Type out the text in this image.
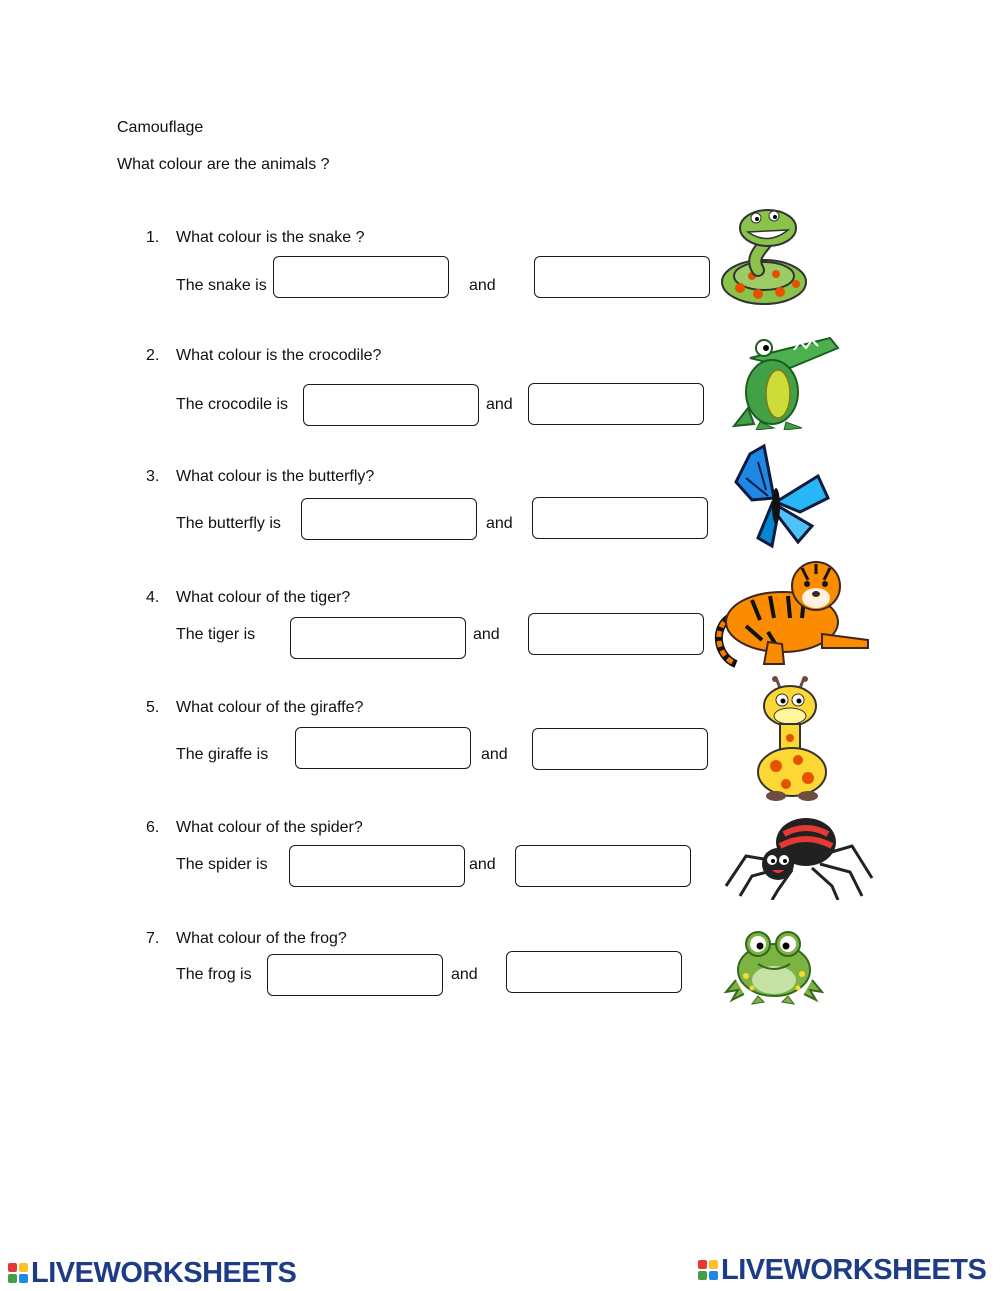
Camouflage
What colour are the animals ?
1. What colour is the snake ?
The snake is	and
2. What colour is the crocodile?
The crocodile is	and
3. What colour is the butterfly?
The butterfly is	and
4. What colour of the tiger?
The tiger is	and
5. What colour of the giraffe?
The giraffe is	and
6. What colour of the spider?
The spider is	and
7. What colour of the frog?
The frog is	and
LIVEWORKSHEETS	LIVEWORKSHEETS
